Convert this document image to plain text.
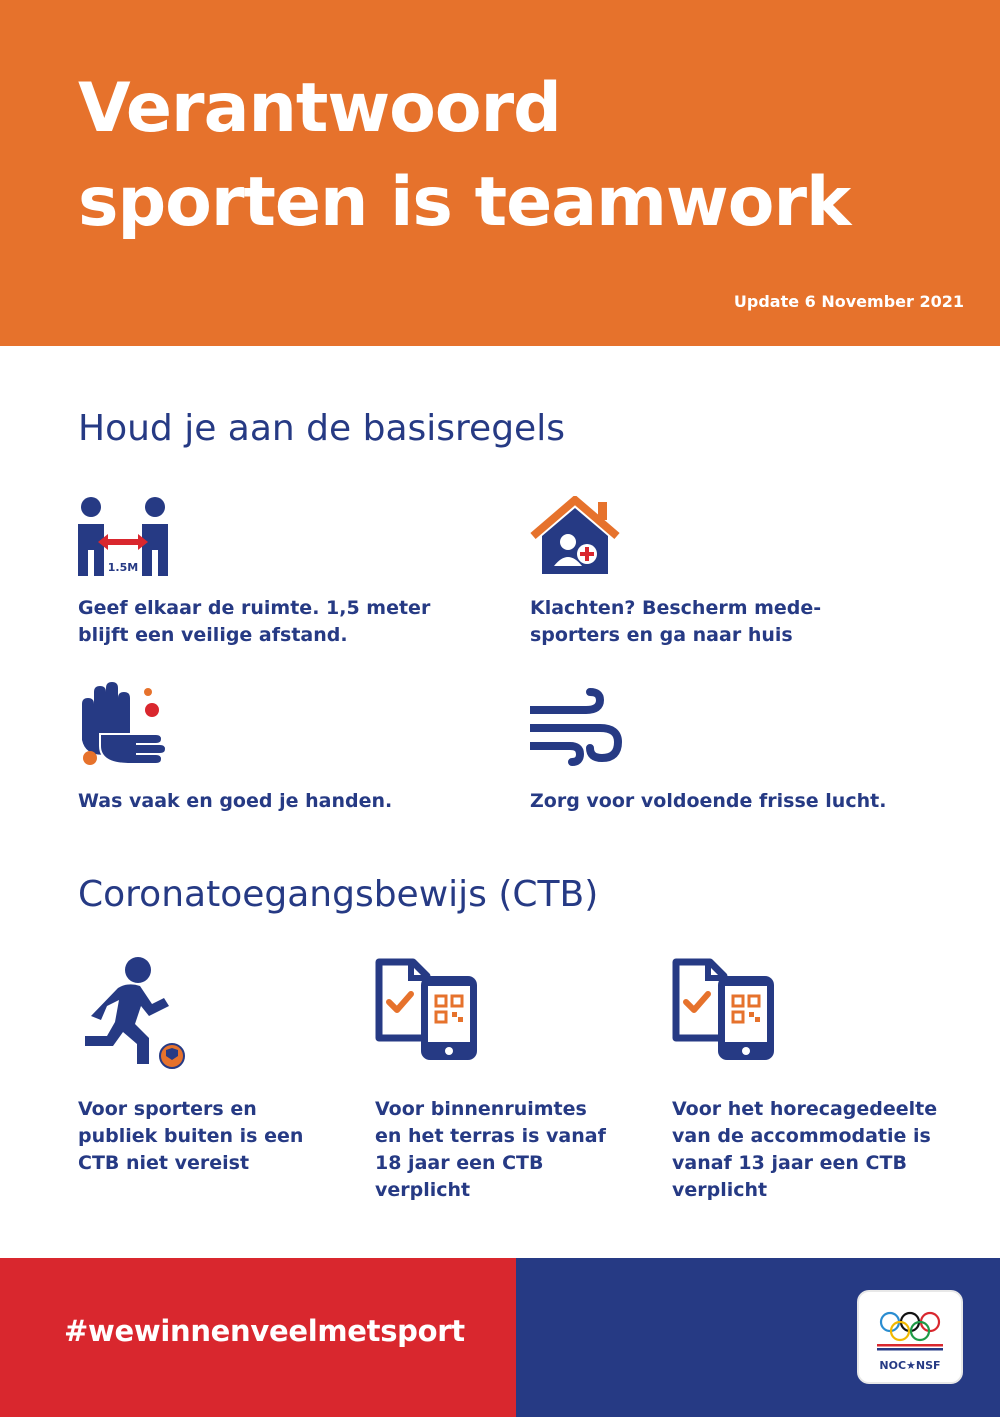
Verantwoord
sporten is teamwork
Update 6 November 2021
Houd je aan de basisregels
1.5M
Geef elkaar de ruimte. 1,5 meter
blijft een veilige afstand.
Klachten? Bescherm mede-
sporters en ga naar huis
Was vaak en goed je handen.	Zorg voor voldoende frisse lucht.
Coronatoegangsbewijs (CTB)
Voor sporters en
publiek buiten is een
CTB niet vereist
Voor binnenruimtes
en het terras is vanaf
18 jaar een CTB
verplicht
Voor het horecagedeelte
van de accommodatie is
vanaf 13 jaar een CTB
verplicht
#wewinnenveelmetsport
NOC★NSF
